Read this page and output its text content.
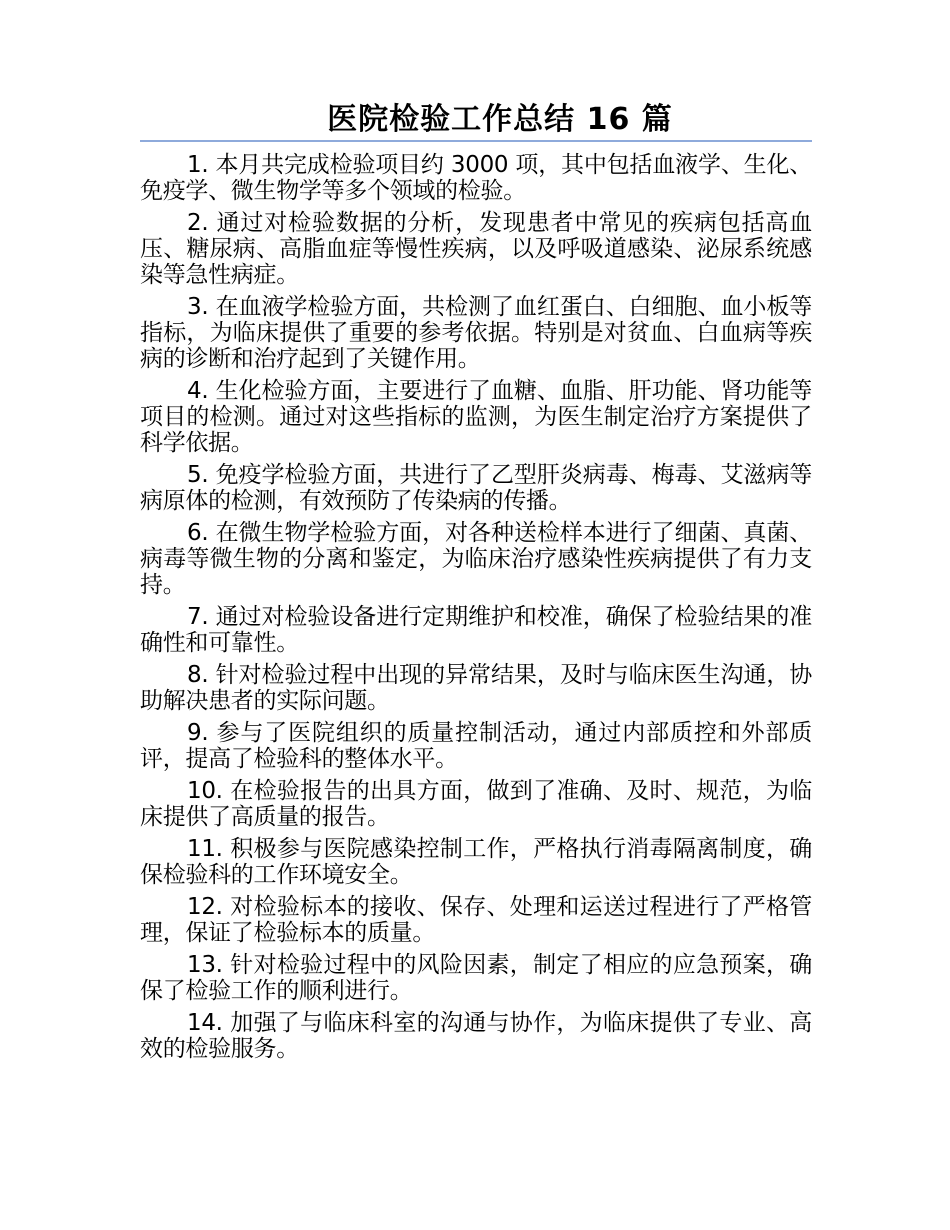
医院检验工作总结 16 篇
1. 本月共完成检验项目约 3000 项，其中包括血液学、生化、免疫学、微生物学等多个领域的检验。
2. 通过对检验数据的分析，发现患者中常见的疾病包括高血压、糖尿病、高脂血症等慢性疾病，以及呼吸道感染、泌尿系统感染等急性病症。
3. 在血液学检验方面，共检测了血红蛋白、白细胞、血小板等指标，为临床提供了重要的参考依据。特别是对贫血、白血病等疾病的诊断和治疗起到了关键作用。
4. 生化检验方面，主要进行了血糖、血脂、肝功能、肾功能等项目的检测。通过对这些指标的监测，为医生制定治疗方案提供了科学依据。
5. 免疫学检验方面，共进行了乙型肝炎病毒、梅毒、艾滋病等病原体的检测，有效预防了传染病的传播。
6. 在微生物学检验方面，对各种送检样本进行了细菌、真菌、病毒等微生物的分离和鉴定，为临床治疗感染性疾病提供了有力支持。
7. 通过对检验设备进行定期维护和校准，确保了检验结果的准确性和可靠性。
8. 针对检验过程中出现的异常结果，及时与临床医生沟通，协助解决患者的实际问题。
9. 参与了医院组织的质量控制活动，通过内部质控和外部质评，提高了检验科的整体水平。
10. 在检验报告的出具方面，做到了准确、及时、规范，为临床提供了高质量的报告。
11. 积极参与医院感染控制工作，严格执行消毒隔离制度，确保检验科的工作环境安全。
12. 对检验标本的接收、保存、处理和运送过程进行了严格管理，保证了检验标本的质量。
13. 针对检验过程中的风险因素，制定了相应的应急预案，确保了检验工作的顺利进行。
14. 加强了与临床科室的沟通与协作，为临床提供了专业、高效的检验服务。
